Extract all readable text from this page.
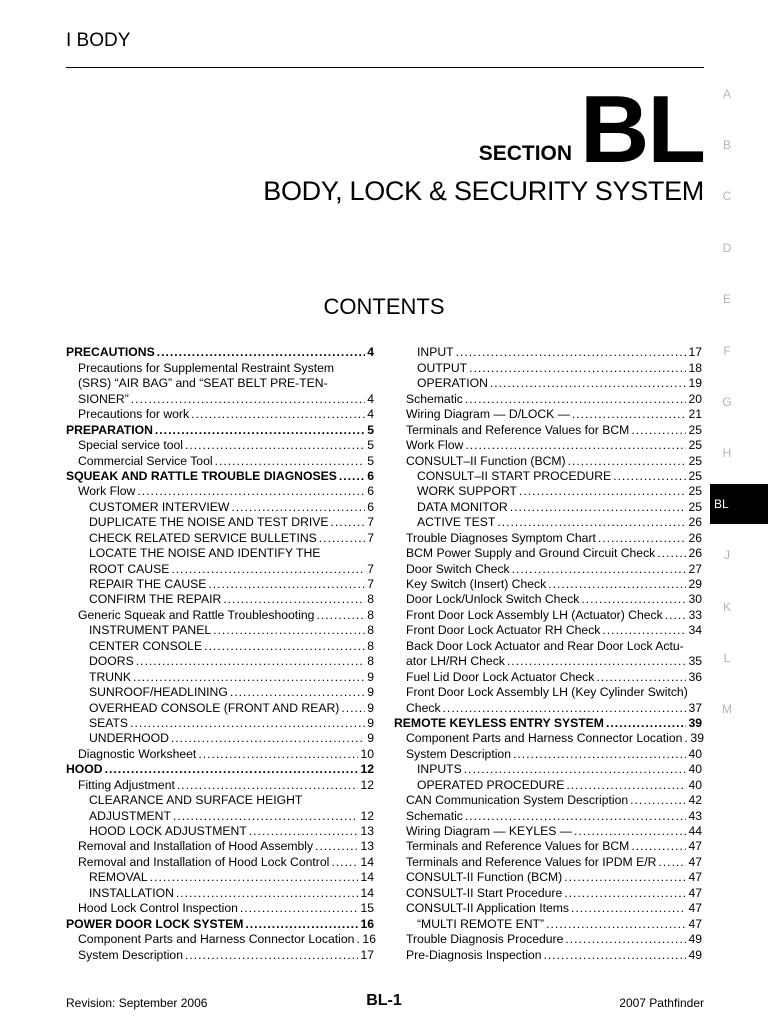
I BODY
SECTION BL
BODY, LOCK & SECURITY SYSTEM
CONTENTS
PRECAUTIONS .....	4
Precautions for Supplemental Restraint System
(SRS) “AIR BAG” and “SEAT BELT PRE-TEN-
SIONER” .....	4
Precautions for work .....	4
PREPARATION .....	5
Special service tool .....	5
Commercial Service Tool .....	5
SQUEAK AND RATTLE TROUBLE DIAGNOSES ..... 6
Work Flow .....	6
CUSTOMER INTERVIEW .....	6
DUPLICATE THE NOISE AND TEST DRIVE .....	7
CHECK RELATED SERVICE BULLETINS .....	7
LOCATE THE NOISE AND IDENTIFY THE
ROOT CAUSE .....	7
REPAIR THE CAUSE .....	7
CONFIRM THE REPAIR .....	8
Generic Squeak and Rattle Troubleshooting .....	8
INSTRUMENT PANEL .....	8
CENTER CONSOLE .....	8
DOORS .....	8
TRUNK .....	9
SUNROOF/HEADLINING .....	9
OVERHEAD CONSOLE (FRONT AND REAR) ..... 9
SEATS .....	9
UNDERHOOD .....	9
Diagnostic Worksheet .....	10
HOOD .....	12
Fitting Adjustment .....	12
CLEARANCE AND SURFACE HEIGHT
ADJUSTMENT .....	12
HOOD LOCK ADJUSTMENT .....	13
Removal and Installation of Hood Assembly .....	13
Removal and Installation of Hood Lock Control .....	14
REMOVAL .....	14
INSTALLATION .....	14
Hood Lock Control Inspection .....	15
POWER DOOR LOCK SYSTEM .....	16
Component Parts and Harness Connector Location ..... 16
System Description .....	17
INPUT .....	17
OUTPUT .....	18
OPERATION .....	19
Schematic .....	20
Wiring Diagram — D/LOCK — .....	21
Terminals and Reference Values for BCM .....	25
Work Flow .....	25
CONSULT–II Function (BCM) .....	25
CONSULT–II START PROCEDURE .....	25
WORK SUPPORT .....	25
DATA MONITOR .....	25
ACTIVE TEST .....	26
Trouble Diagnoses Symptom Chart .....	26
BCM Power Supply and Ground Circuit Check .....	26
Door Switch Check .....	27
Key Switch (Insert) Check .....	29
Door Lock/Unlock Switch Check .....	30
Front Door Lock Assembly LH (Actuator) Check ..... 33
Front Door Lock Actuator RH Check .....	34
Back Door Lock Actuator and Rear Door Lock Actu-
ator LH/RH Check .....	35
Fuel Lid Door Lock Actuator Check .....	36
Front Door Lock Assembly LH (Key Cylinder Switch)
Check .....	37
REMOTE KEYLESS ENTRY SYSTEM .....	39
Component Parts and Harness Connector Location ..... 39
System Description .....	40
INPUTS .....	40
OPERATED PROCEDURE .....	40
CAN Communication System Description .....	42
Schematic .....	43
Wiring Diagram — KEYLES — .....	44
Terminals and Reference Values for BCM .....	47
Terminals and Reference Values for IPDM E/R .....	47
CONSULT-II Function (BCM) .....	47
CONSULT-II Start Procedure .....	47
CONSULT-II Application Items .....	47
“MULTI REMOTE ENT” .....	47
Trouble Diagnosis Procedure .....	49
Pre-Diagnosis Inspection .....	49
A
B
C
D
E
F
G
H
J
K
L
M
BL
Revision: September 2006	BL-1	2007 Pathfinder
